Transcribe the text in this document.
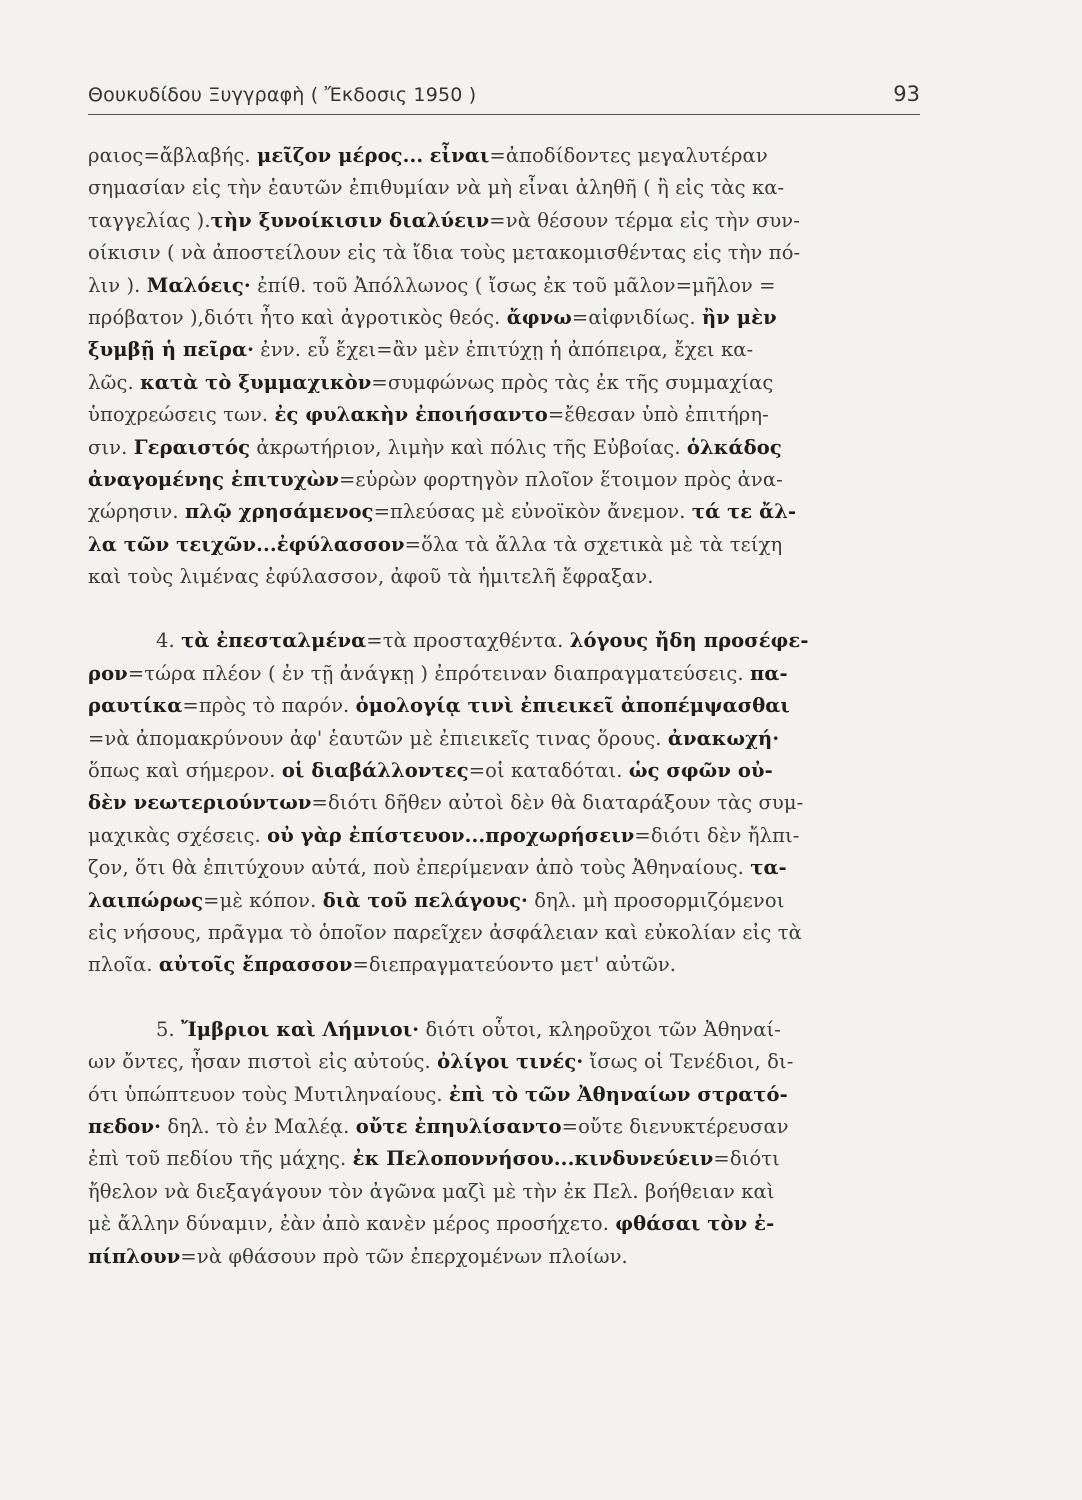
Θουκυδίδου Ξυγγραφὴ ( Ἔκδοσις 1950 )	93
ραιος=ἄβλαβής. μεῖζον μέρος... εἶναι=ἀποδίδοντες μεγαλυτέραν
σημασίαν εἰς τὴν ἑαυτῶν ἐπιθυμίαν νὰ μὴ εἶναι ἀληθῆ ( ἢ εἰς τὰς κα-
ταγγελίας ).τὴν ξυνοίκισιν διαλύειν=νὰ θέσουν τέρμα εἰς τὴν συν-
οίκισιν ( νὰ ἀποστείλουν εἰς τὰ ἴδια τοὺς μετακομισθέντας εἰς τὴν πό-
λιν ). Μαλόεις· ἐπίθ. τοῦ Ἀπόλλωνος ( ἴσως ἐκ τοῦ μᾶλον=μῆλον =
πρόβατον ),διότι ἦτο καὶ ἀγροτικὸς θεός. ἄφνω=αἰφνιδίως. ἢν μὲν
ξυμβῇ ἡ πεῖρα· ἐνν. εὖ ἔχει=ἂν μὲν ἐπιτύχῃ ἡ ἀπόπειρα, ἔχει κα-
λῶς. κατὰ τὸ ξυμμαχικὸν=συμφώνως πρὸς τὰς ἐκ τῆς συμμαχίας
ὑποχρεώσεις των. ἐς φυλακὴν ἐποιήσαντο=ἔθεσαν ὑπὸ ἐπιτήρη-
σιν. Γεραιστός ἀκρωτήριον, λιμὴν καὶ πόλις τῆς Εὐβοίας. ὁλκάδος
ἀναγομένης ἐπιτυχὼν=εὑρὼν φορτηγὸν πλοῖον ἕτοιμον πρὸς ἀνα-
χώρησιν. πλῷ χρησάμενος=πλεύσας μὲ εὐνοϊκὸν ἄνεμον. τά τε ἄλ-
λα τῶν τειχῶν...ἐφύλασσον=ὅλα τὰ ἄλλα τὰ σχετικὰ μὲ τὰ τείχη
καὶ τοὺς λιμένας ἐφύλασσον, ἀφοῦ τὰ ἡμιτελῆ ἔφραξαν.
4. τὰ ἐπεσταλμένα=τὰ προσταχθέντα. λόγους ἤδη προσέφε-
ρον=τώρα πλέον ( ἐν τῇ ἀνάγκῃ ) ἐπρότειναν διαπραγματεύσεις. πα-
ραυτίκα=πρὸς τὸ παρόν. ὁμολογίᾳ τινὶ ἐπιεικεῖ ἀποπέμψασθαι
=νὰ ἀπομακρύνουν ἀφ' ἑαυτῶν μὲ ἐπιεικεῖς τινας ὅρους. ἀνακωχή·
ὅπως καὶ σήμερον. οἱ διαβάλλοντες=οἱ καταδόται. ὡς σφῶν οὐ-
δὲν νεωτεριούντων=διότι δῆθεν αὐτοὶ δὲν θὰ διαταράξουν τὰς συμ-
μαχικὰς σχέσεις. οὐ γὰρ ἐπίστευον...προχωρήσειν=διότι δὲν ἤλπι-
ζον, ὅτι θὰ ἐπιτύχουν αὐτά, ποὺ ἐπερίμεναν ἀπὸ τοὺς Ἀθηναίους. τα-
λαιπώρως=μὲ κόπον. διὰ τοῦ πελάγους· δηλ. μὴ προσορμιζόμενοι
εἰς νήσους, πρᾶγμα τὸ ὁποῖον παρεῖχεν ἀσφάλειαν καὶ εὐκολίαν εἰς τὰ
πλοῖα. αὐτοῖς ἔπρασσον=διεπραγματεύοντο μετ' αὐτῶν.
5. Ἴμβριοι καὶ Λήμνιοι· διότι οὗτοι, κληροῦχοι τῶν Ἀθηναί-
ων ὄντες, ἦσαν πιστοὶ εἰς αὐτούς. ὀλίγοι τινές· ἴσως οἱ Τενέδιοι, δι-
ότι ὑπώπτευον τοὺς Μυτιληναίους. ἐπὶ τὸ τῶν Ἀθηναίων στρατό-
πεδον· δηλ. τὸ ἐν Μαλέᾳ. οὔτε ἐπηυλίσαντο=οὔτε διενυκτέρευσαν
ἐπὶ τοῦ πεδίου τῆς μάχης. ἐκ Πελοποννήσου...κινδυνεύειν=διότι
ἤθελον νὰ διεξαγάγουν τὸν ἀγῶνα μαζὶ μὲ τὴν ἐκ Πελ. βοήθειαν καὶ
μὲ ἄλλην δύναμιν, ἐὰν ἀπὸ κανὲν μέρος προσήχετο. φθάσαι τὸν ἐ-
πίπλουν=νὰ φθάσουν πρὸ τῶν ἐπερχομένων πλοίων.
